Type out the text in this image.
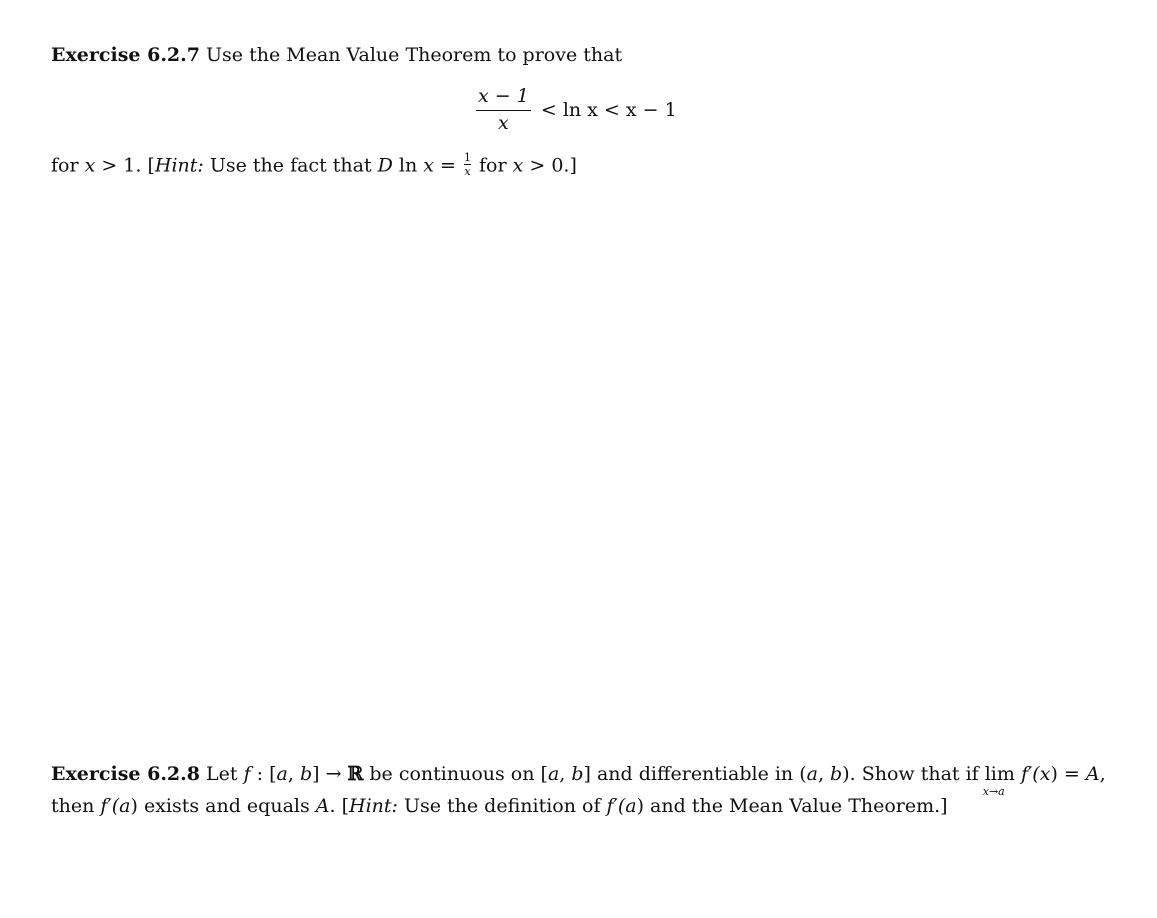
Exercise 6.2.7 Use the Mean Value Theorem to prove that
$\frac{x - 1}{x} < \ln x < x - 1$
for x > 1. [Hint: Use the fact that D $\ln x = \frac{1}{x}$ for x > 0.]
Exercise 6.2.8 Let f : [a, b] → ℝ be continuous on [a, b] and differentiable in (a, b). Show that if lim
x→a
f′(x) = A,
then f′(a) exists and equals A. [Hint: Use the definition of f′(a) and the Mean Value Theorem.]
